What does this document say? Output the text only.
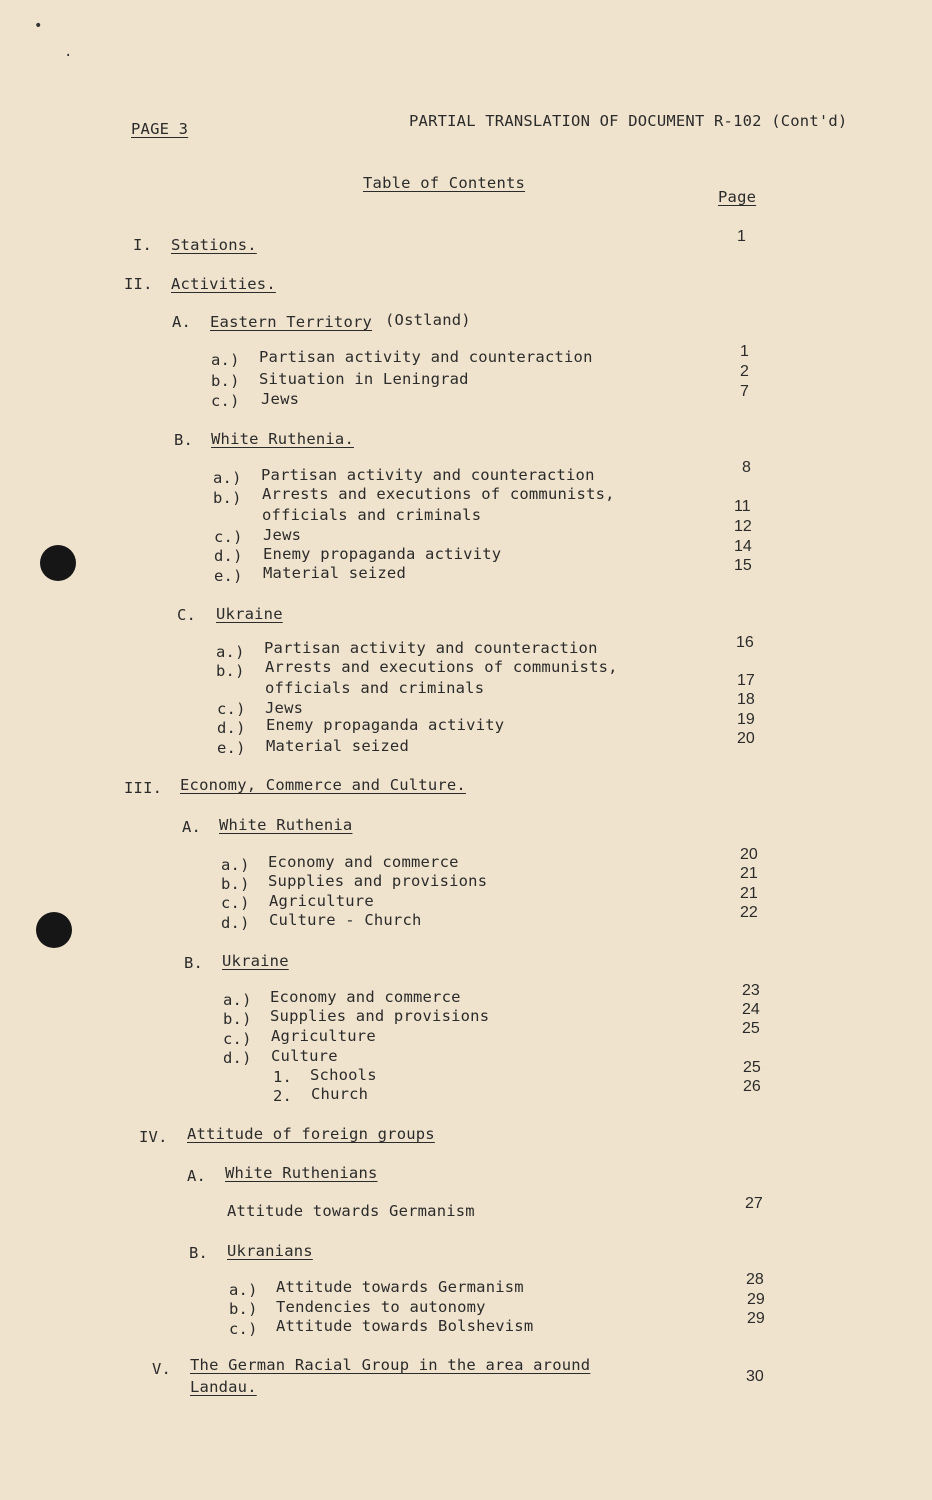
•
·
PAGE 3	PARTIAL TRANSLATION OF DOCUMENT R-102 (Cont'd)
Table of Contents
Page
I. Stations.	1
II. Activities.
A. Eastern Territory (Ostland)
a.) Partisan activity and counteraction	1
b.) Situation in Leningrad	2
c.) Jews	7
B. White Ruthenia.
a.) Partisan activity and counteraction	8
b.) Arrests and executions of communists,
officials and criminals	11
c.) Jews	12
d.) Enemy propaganda activity	14
e.) Material seized	15
C. Ukraine
a.) Partisan activity and counteraction	16
b.) Arrests and executions of communists,
officials and criminals	17
c.) Jews	18
d.) Enemy propaganda activity	19
e.) Material seized	20
III. Economy, Commerce and Culture.
A. White Ruthenia
a.) Economy and commerce	20
b.) Supplies and provisions	21
c.) Agriculture	21
d.) Culture - Church	22
B. Ukraine
a.) Economy and commerce	23
b.) Supplies and provisions	24
c.) Agriculture	25
d.) Culture
1. Schools	25
2. Church	26
IV. Attitude of foreign groups
A. White Ruthenians
Attitude towards Germanism	27
B. Ukranians
a.) Attitude towards Germanism	28
b.) Tendencies to autonomy	29
c.) Attitude towards Bolshevism	29
V. The German Racial Group in the area around
Landau.
30
